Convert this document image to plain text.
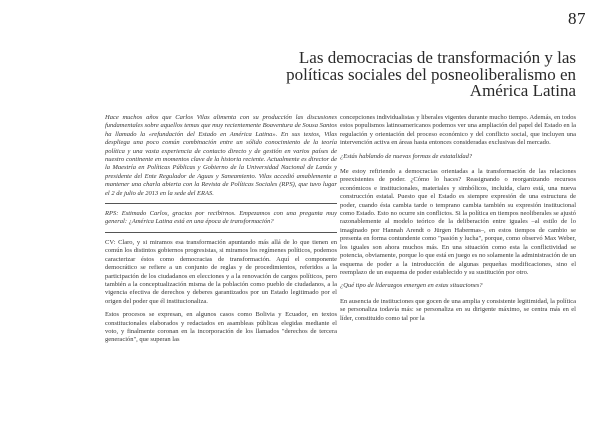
87
Las democracias de transformación y las políticas sociales del posneoliberalismo en América Latina

Hace muchos años que Carlos Vilas alimenta con su producción las discusiones fundamentales sobre aquellos temas que muy recientemente Boaventura de Sousa Santos ha llamado la «refundación del Estado en América Latina». En sus textos, Vilas despliega una poco común combinación entre un sólido conocimiento de la teoría política y una vasta experiencia de contacto directo y de gestión en varios países de nuestro continente en momentos clave de la historia reciente. Actualmente es director de la Maestría en Políticas Públicas y Gobierno de la Universidad Nacional de Lanús y presidente del Ente Regulador de Aguas y Saneamiento. Vilas accedió amablemente a mantener una charla abierta con la Revista de Políticas Sociales (RPS), que tuvo lugar el 2 de julio de 2013 en la sede del ERAS.

RPS: Estimado Carlos, gracias por recibirnos. Empezamos con una pregunta muy general: ¿América Latina está en una época de transformación?

CV: Claro, y si miramos esa transformación apuntando más allá de lo que tienen en común los distintos gobiernos progresistas, si miramos los regímenes políticos, podemos caracterizar éstos como democracias de transformación. Aquí el componente democrático se refiere a un conjunto de reglas y de procedimientos, referidos a la participación de los ciudadanos en elecciones y a la renovación de cargos políticos, pero también a la conceptualización misma de la población como pueblo de ciudadanos, a la vigencia efectiva de derechos y deberes garantizados por un Estado legitimado por el origen del poder que él institucionaliza.

Estos procesos se expresan, en algunos casos como Bolivia y Ecuador, en textos constitucionales elaborados y redactados en asambleas públicas elegidas mediante el voto, y finalmente coronan en la incorporación de los llamados "derechos de tercera generación", que superan las

concepciones individualistas y liberales vigentes durante mucho tiempo. Además, en todos estos populismos latinoamericanos podemos ver una ampliación del papel del Estado en la regulación y orientación del proceso económico y del conflicto social, que incluyen una intervención activa en áreas hasta entonces consideradas exclusivas del mercado.

¿Estás hablando de nuevas formas de estatalidad?

Me estoy refiriendo a democracias orientadas a la transformación de las relaciones preexistentes de poder. ¿Cómo lo haces? Reasignando o reorganizando recursos económicos e institucionales, materiales y simbólicos, incluida, claro está, una nueva construcción estatal. Puesto que el Estado es siempre expresión de una estructura de poder, cuando ésta cambia tarde o temprano cambia también su expresión institucional como Estado. Esto no ocurre sin conflictos. Si la política en tiempos neoliberales se ajustó razonablemente al modelo teórico de la deliberación entre iguales –al estilo de lo imaginado por Hannah Arendt o Jürgen Habermas–, en estos tiempos de cambio se presenta en forma contundente como "pasión y lucha", porque, como observó Max Weber, los iguales son ahora muchos más. En una situación como esta la conflictividad se potencia, obviamente, porque lo que está en juego es no solamente la administración de un esquema de poder a la introducción de algunas pequeñas modificaciones, sino el reemplazo de un esquema de poder establecido y su sustitución por otro.

¿Qué tipo de liderazgos emergen en estas situaciones?

En ausencia de instituciones que gocen de una amplia y consistente legitimidad, la política se personaliza todavía más: se personaliza en su dirigente máximo, se centra más en el líder, constituido como tal por la
